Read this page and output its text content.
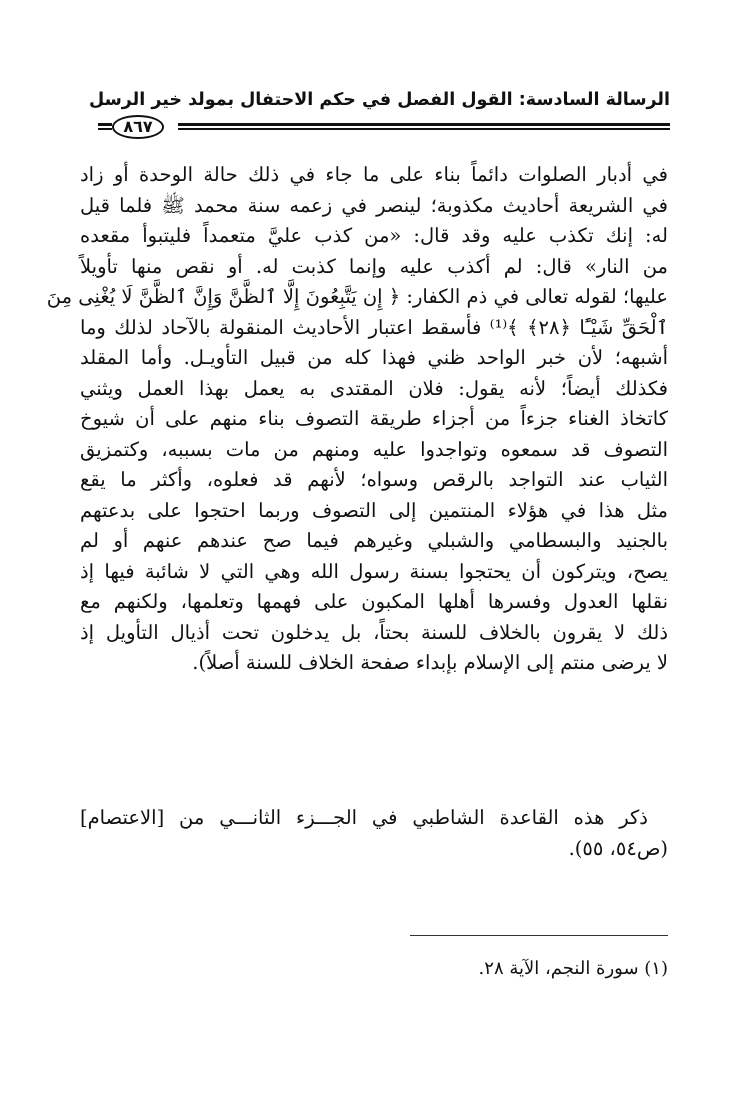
الرسالة السادسة: القول الفصل في حكم الاحتفال بمولد خير الرسل
٨٦٧
في أدبار الصلوات دائماً بناء على ما جاء في ذلك حالة الوحدة أو زاد
في الشريعة أحاديث مكذوبة؛ لينصر في زعمه سنة محمد ﷺ فلما قيل
له: إنك تكذب عليه وقد قال: «من كذب عليَّ متعمداً فليتبوأ مقعده
من النار» قال: لم أكذب عليه وإنما كذبت له. أو نقص منها تأويلاً
عليها؛ لقوله تعالى في ذم الكفار: ﴿ إِن يَتَّبِعُونَ إِلَّا ٱلظَّنَّ وَإِنَّ ٱلظَّنَّ لَا يُغْنِى مِنَ
ٱلْحَقِّ شَيْـًٔا ﴿٢٨﴾ ﴾⁽¹⁾ فأسقط اعتبار الأحاديث المنقولة بالآحاد لذلك وما
أشبهه؛ لأن خبر الواحد ظني فهذا كله من قبيل التأويـل. وأما المقلد
فكذلك أيضاً؛ لأنه يقول: فلان المقتدى به يعمل بهذا العمل ويثني
كاتخاذ الغناء جزءاً من أجزاء طريقة التصوف بناء منهم على أن شيوخ
التصوف قد سمعوه وتواجدوا عليه ومنهم من مات بسببه، وكتمزيق
الثياب عند التواجد بالرقص وسواه؛ لأنهم قد فعلوه، وأكثر ما يقع
مثل هذا في هؤلاء المنتمين إلى التصوف وربما احتجوا على بدعتهم
بالجنيد والبسطامي والشبلي وغيرهم فيما صح عندهم عنهم أو لم
يصح، ويتركون أن يحتجوا بسنة رسول الله وهي التي لا شائبة فيها إذ
نقلها العدول وفسرها أهلها المكبون على فهمها وتعلمها، ولكنهم مع
ذلك لا يقرون بالخلاف للسنة بحتاً، بل يدخلون تحت أذيال التأويل إذ
لا يرضى منتم إلى الإسلام بإبداء صفحة الخلاف للسنة أصلاً).
ذكر هذه القاعدة الشاطبي في الجـــزء الثانـــي من [الاعتصام]
(ص٥٤، ٥٥).
(١) سورة النجم، الآية ٢٨.
